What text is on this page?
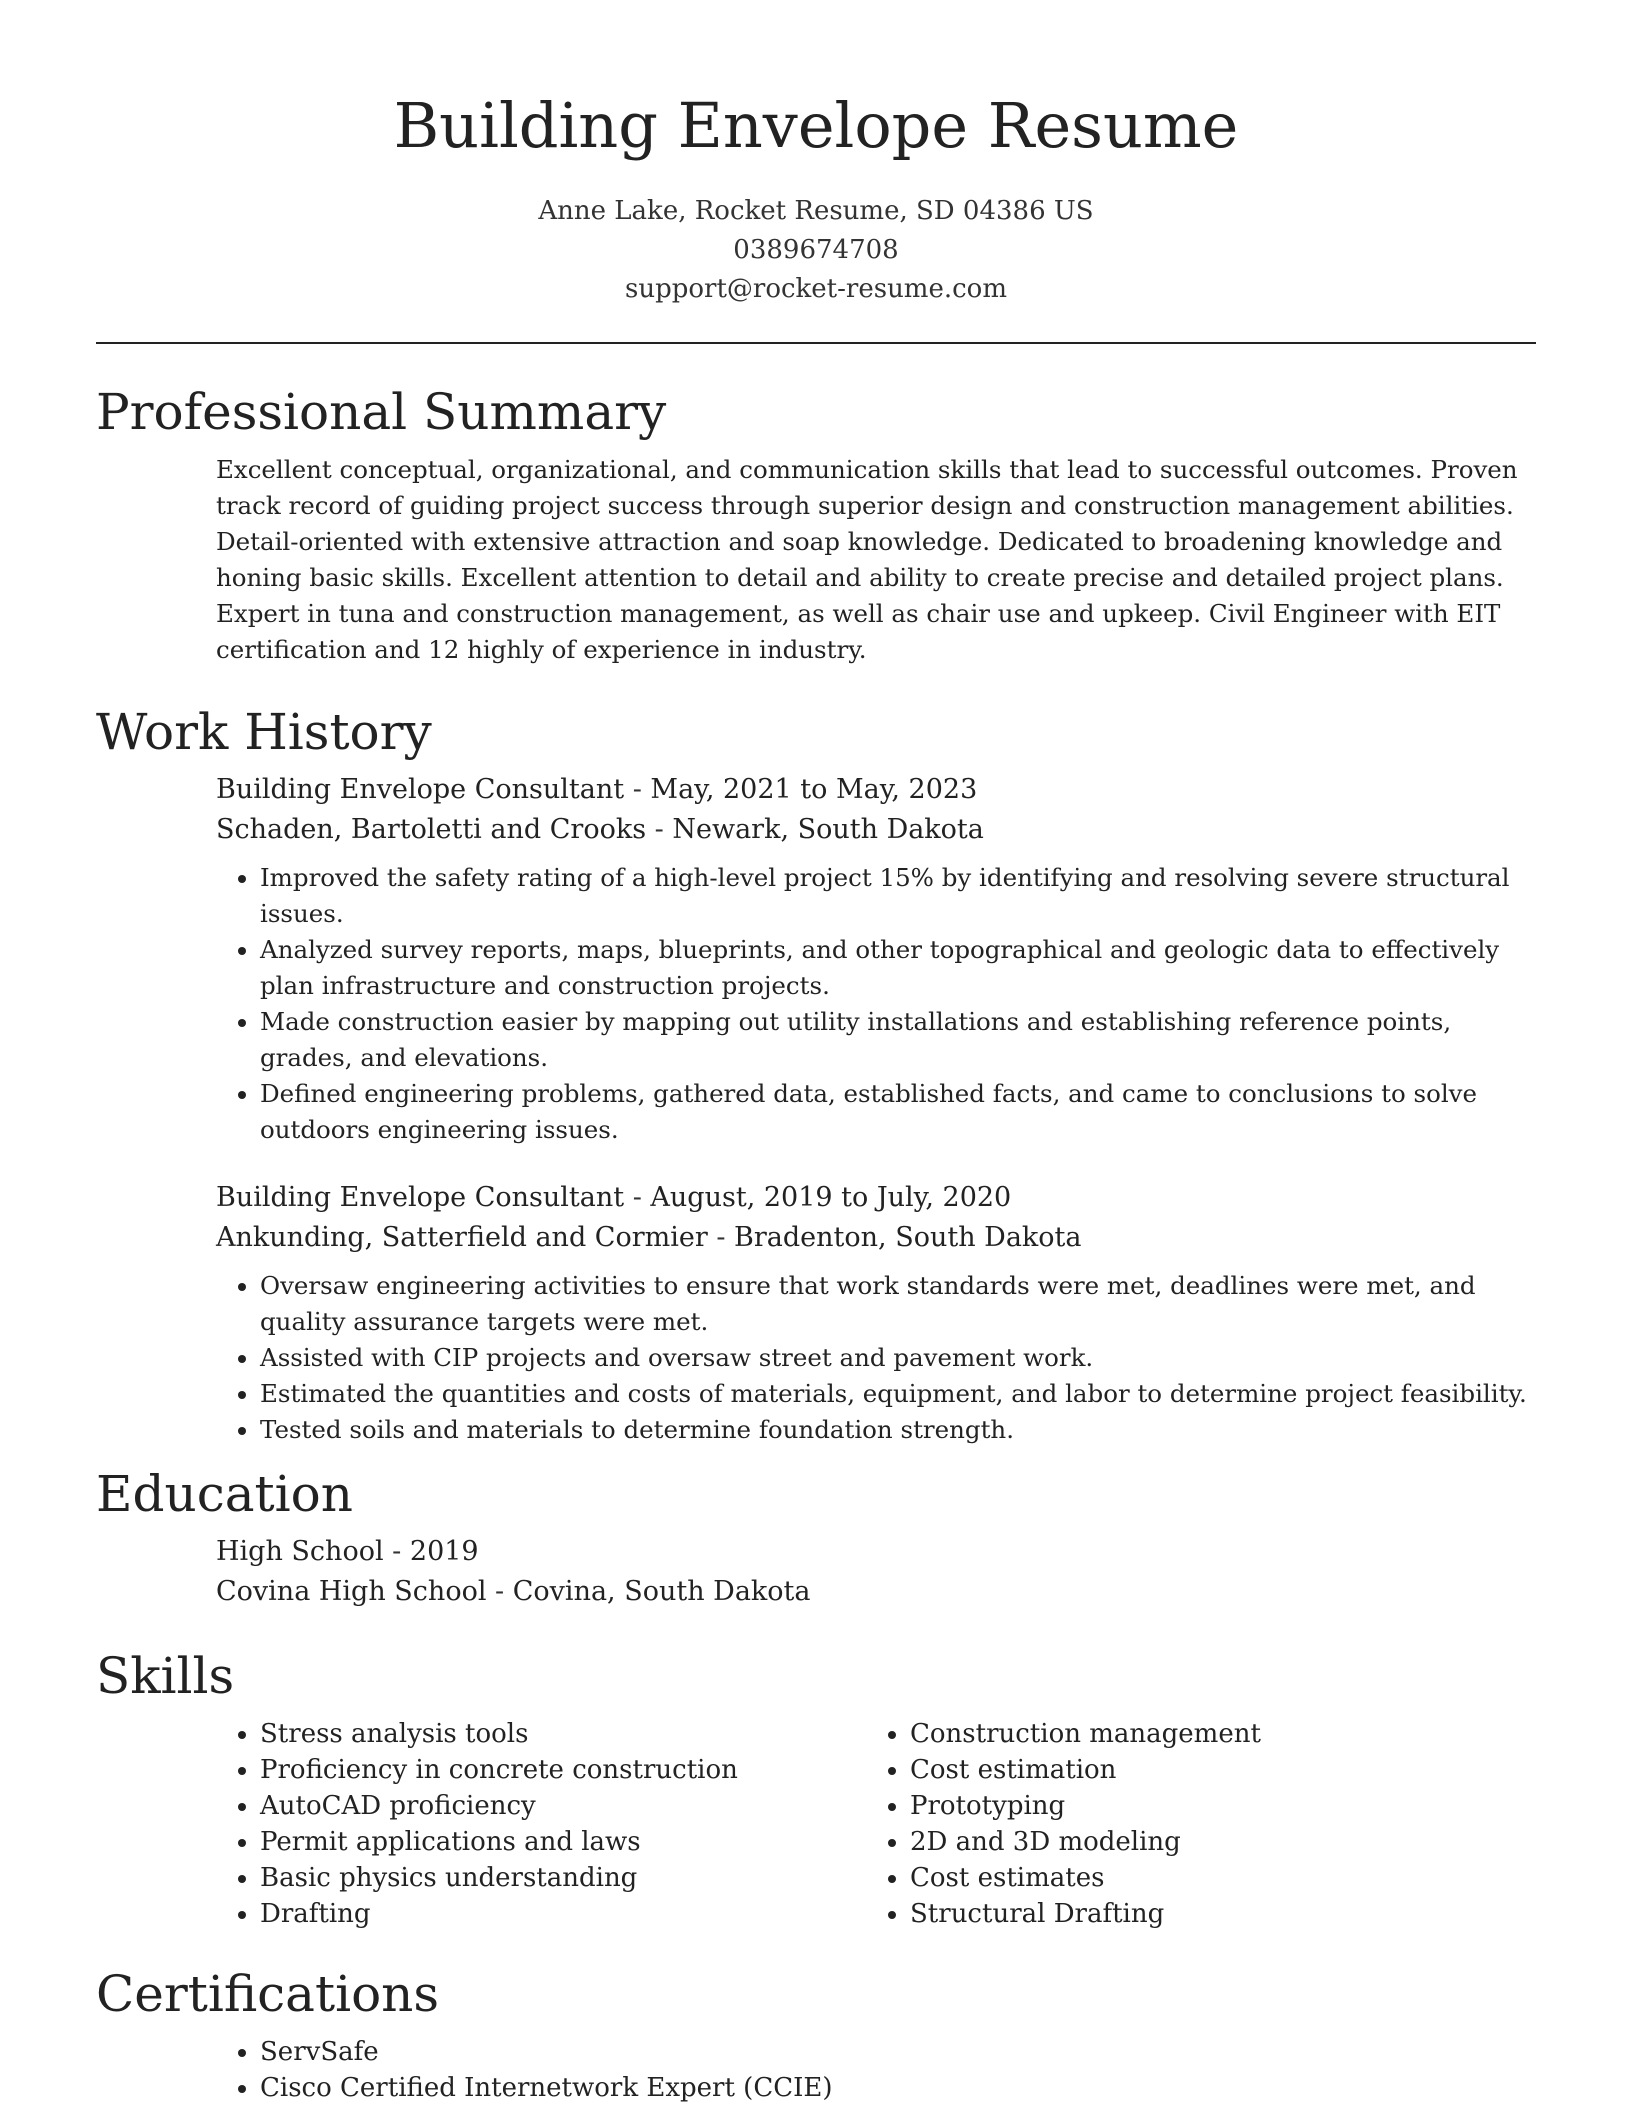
Building Envelope Resume
Anne Lake, Rocket Resume, SD 04386 US
0389674708
support@rocket-resume.com
Professional Summary

Excellent conceptual, organizational, and communication skills that lead to successful outcomes. Proven track record of guiding project success through superior design and construction management abilities. Detail-oriented with extensive attraction and soap knowledge. Dedicated to broadening knowledge and honing basic skills. Excellent attention to detail and ability to create precise and detailed project plans. Expert in tuna and construction management, as well as chair use and upkeep. Civil Engineer with EIT certification and 12 highly of experience in industry.

Work History

Building Envelope Consultant - May, 2021 to May, 2023

Schaden, Bartoletti and Crooks - Newark, South Dakota

• Improved the safety rating of a high-level project 15% by identifying and resolving severe structural issues.
• Analyzed survey reports, maps, blueprints, and other topographical and geologic data to effectively plan infrastructure and construction projects.
• Made construction easier by mapping out utility installations and establishing reference points, grades, and elevations.
• Defined engineering problems, gathered data, established facts, and came to conclusions to solve outdoors engineering issues.

Building Envelope Consultant - August, 2019 to July, 2020

Ankunding, Satterfield and Cormier - Bradenton, South Dakota

• Oversaw engineering activities to ensure that work standards were met, deadlines were met, and quality assurance targets were met.
• Assisted with CIP projects and oversaw street and pavement work.
• Estimated the quantities and costs of materials, equipment, and labor to determine project feasibility.
• Tested soils and materials to determine foundation strength.
Education

High School - 2019

Covina High School - Covina, South Dakota

Skills
• Stress analysis tools
• Proficiency in concrete construction
• AutoCAD proficiency
• Permit applications and laws
• Basic physics understanding
• Drafting
• Construction management
• Cost estimation
• Prototyping
• 2D and 3D modeling
• Cost estimates
• Structural Drafting
Certifications
• ServSafe
• Cisco Certified Internetwork Expert (CCIE)
